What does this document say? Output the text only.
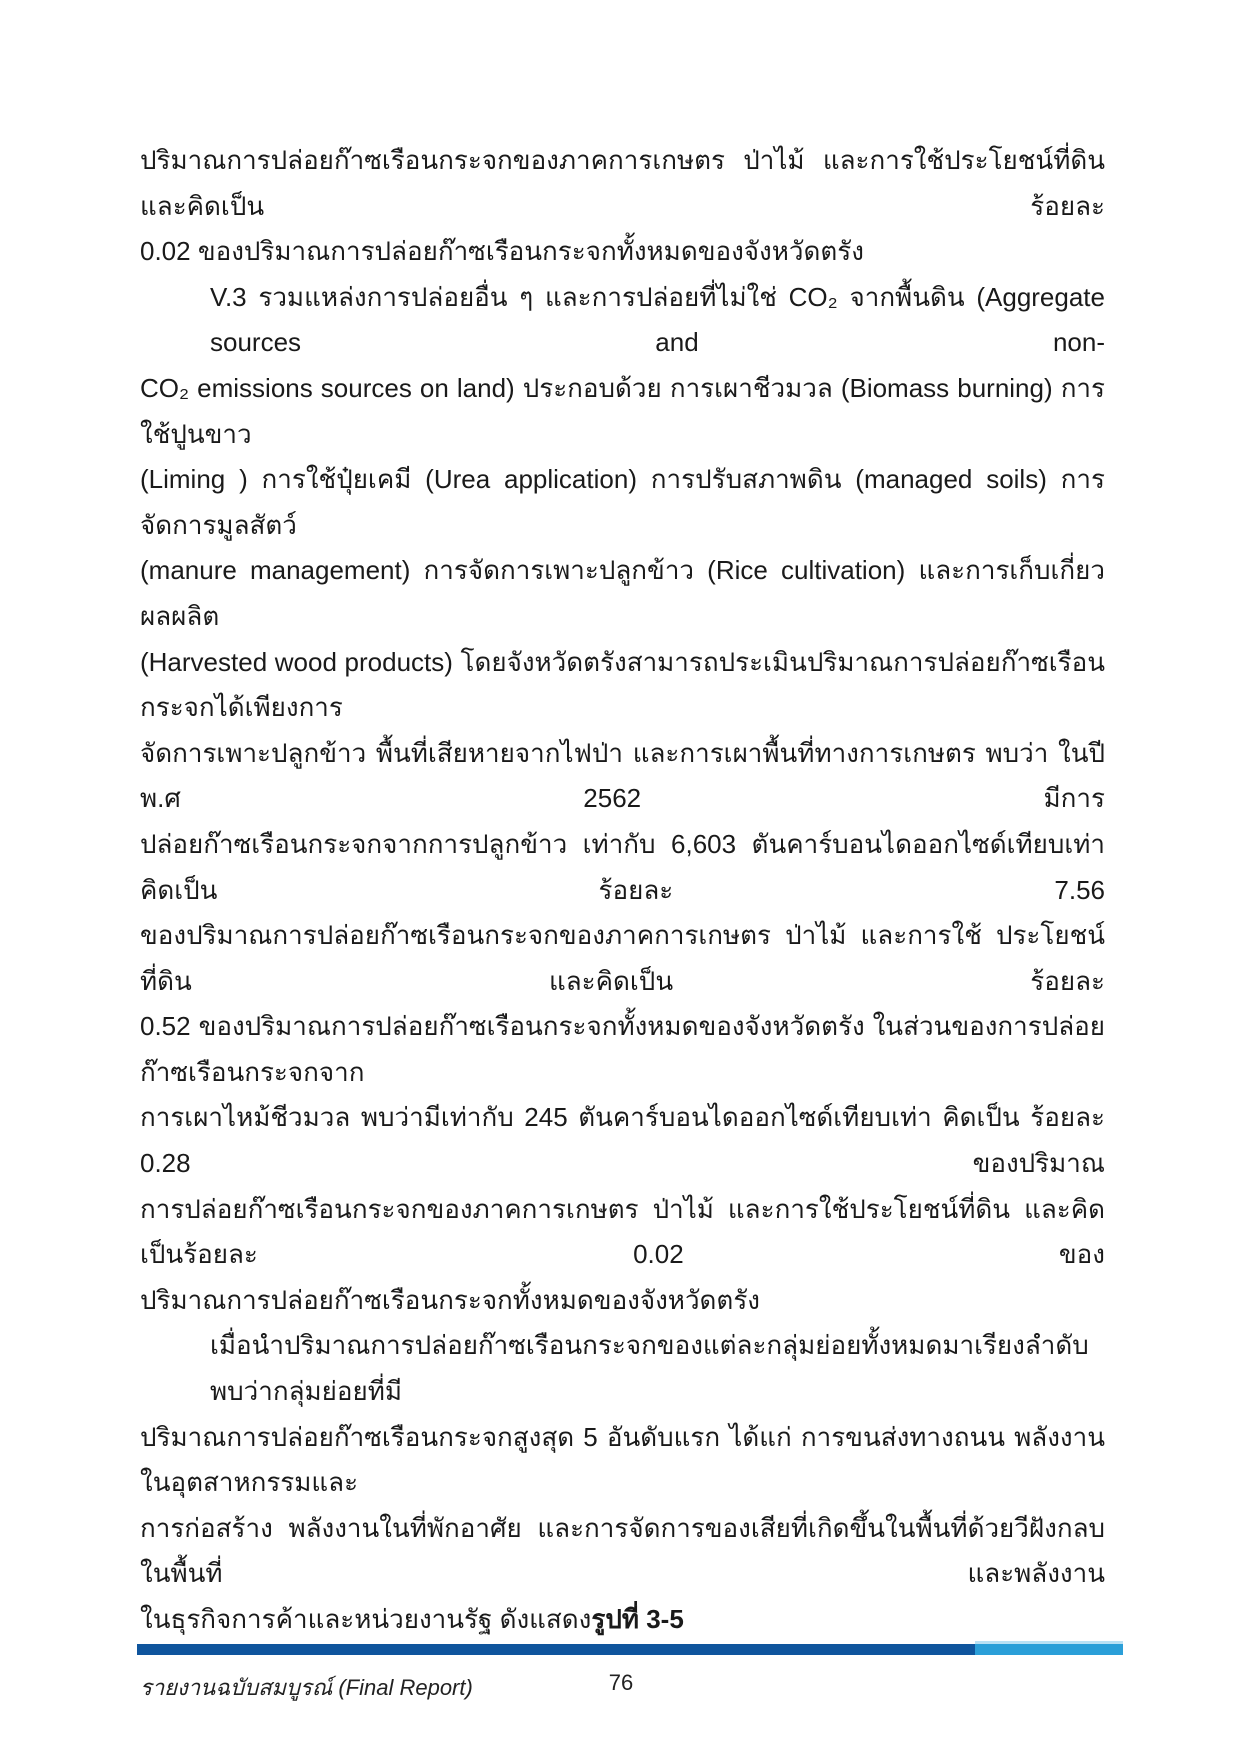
ปริมาณการปล่อยก๊าซเรือนกระจกของภาคการเกษตร ป่าไม้ และการใช้ประโยชน์ที่ดิน และคิดเป็น ร้อยละ
0.02 ของปริมาณการปล่อยก๊าซเรือนกระจกทั้งหมดของจังหวัดตรัง
V.3 รวมแหล่งการปล่อยอื่น ๆ และการปล่อยที่ไม่ใช่ CO₂ จากพื้นดิน (Aggregate sources and non-
CO₂ emissions sources on land) ประกอบด้วย การเผาชีวมวล (Biomass burning) การใช้ปูนขาว
(Liming ) การใช้ปุ๋ยเคมี (Urea application) การปรับสภาพดิน (managed soils) การจัดการมูลสัตว์
(manure management) การจัดการเพาะปลูกข้าว (Rice cultivation) และการเก็บเกี่ยวผลผลิต
(Harvested wood products) โดยจังหวัดตรังสามารถประเมินปริมาณการปล่อยก๊าซเรือนกระจกได้เพียงการ
จัดการเพาะปลูกข้าว พื้นที่เสียหายจากไฟป่า และการเผาพื้นที่ทางการเกษตร พบว่า ในปี พ.ศ 2562 มีการ
ปล่อยก๊าซเรือนกระจกจากการปลูกข้าว เท่ากับ 6,603 ตันคาร์บอนไดออกไซด์เทียบเท่า คิดเป็น ร้อยละ 7.56
ของปริมาณการปล่อยก๊าซเรือนกระจกของภาคการเกษตร ป่าไม้ และการใช้ ประโยชน์ที่ดิน และคิดเป็น ร้อยละ
0.52 ของปริมาณการปล่อยก๊าซเรือนกระจกทั้งหมดของจังหวัดตรัง ในส่วนของการปล่อยก๊าซเรือนกระจกจาก
การเผาไหม้ชีวมวล พบว่ามีเท่ากับ 245 ตันคาร์บอนไดออกไซด์เทียบเท่า คิดเป็น ร้อยละ 0.28 ของปริมาณ
การปล่อยก๊าซเรือนกระจกของภาคการเกษตร ป่าไม้ และการใช้ประโยชน์ที่ดิน และคิดเป็นร้อยละ 0.02 ของ
ปริมาณการปล่อยก๊าซเรือนกระจกทั้งหมดของจังหวัดตรัง
เมื่อนำปริมาณการปล่อยก๊าซเรือนกระจกของแต่ละกลุ่มย่อยทั้งหมดมาเรียงลำดับ พบว่ากลุ่มย่อยที่มี
ปริมาณการปล่อยก๊าซเรือนกระจกสูงสุด 5 อันดับแรก ได้แก่ การขนส่งทางถนน พลังงานในอุตสาหกรรมและ
การก่อสร้าง พลังงานในที่พักอาศัย และการจัดการของเสียที่เกิดขึ้นในพื้นที่ด้วยวีฝังกลบในพื้นที่ และพลังงาน
ในธุรกิจการค้าและหน่วยงานรัฐ ดังแสดงรูปที่ 3-5
รายงานฉบับสมบูรณ์ (Final Report)	76
